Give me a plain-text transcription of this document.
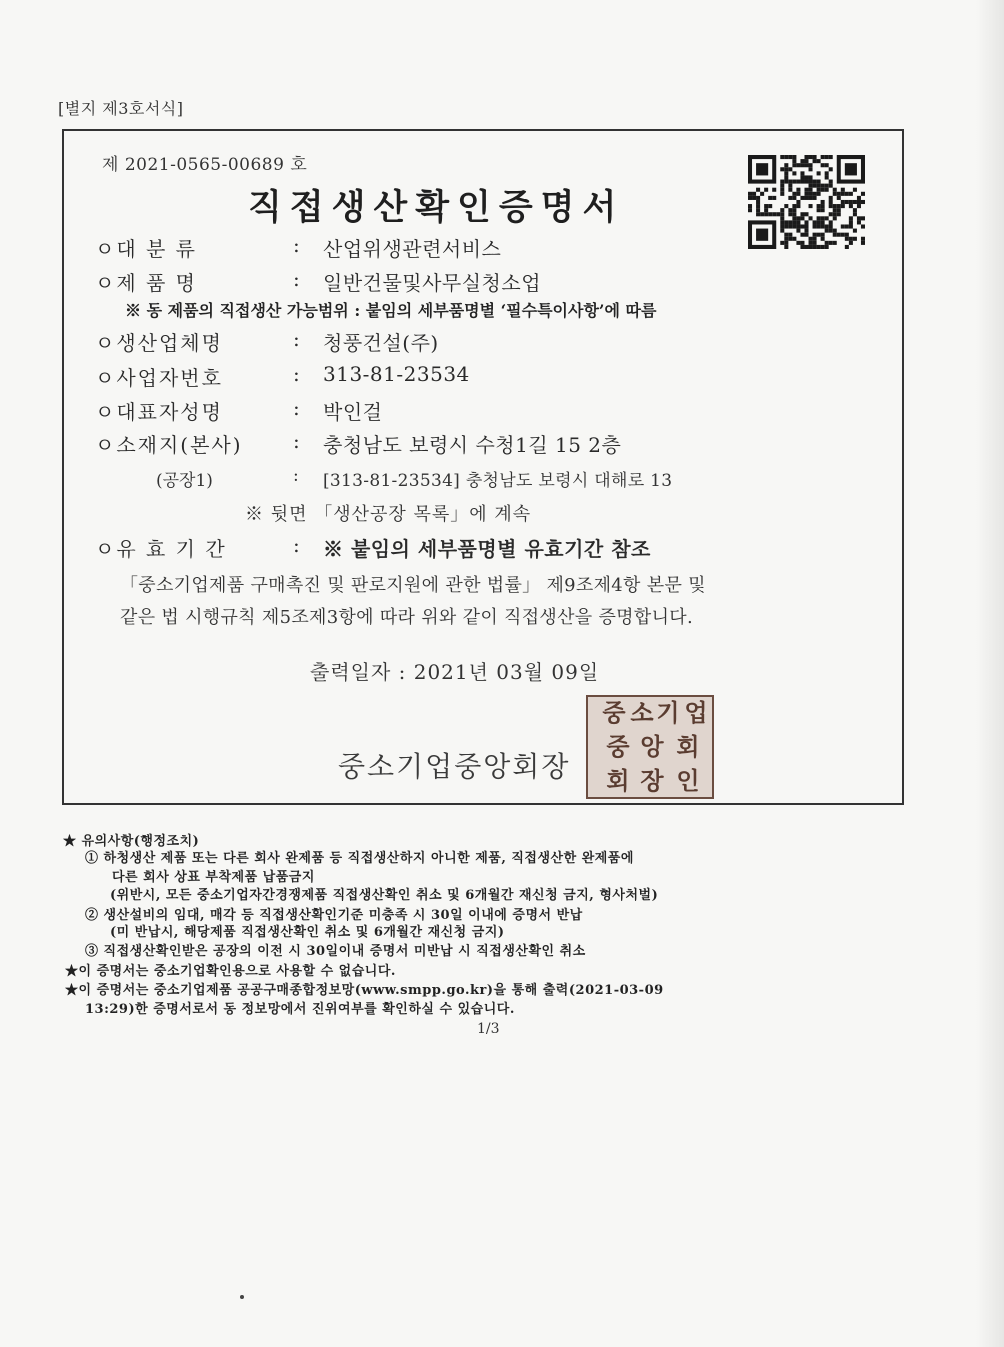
[별지 제3호서식]
제 2021-0565-00689 호
직접생산확인증명서
ㅇ대 분 류	: 산업위생관련서비스
ㅇ제 품 명	: 일반건물및사무실청소업
※ 동 제품의 직접생산 가능범위 : 붙임의 세부품명별 ‘필수특이사항’에 따름
ㅇ생산업체명	: 청풍건설(주)
ㅇ사업자번호	: 313-81-23534
ㅇ대표자성명	: 박인걸
ㅇ소재지(본사)	: 충청남도 보령시 수청1길 15 2층
(공장1)	: [313-81-23534] 충청남도 보령시 대해로 13
※ 뒷면 「생산공장 목록」에 계속
ㅇ유 효 기 간	: ※ 붙임의 세부품명별 유효기간 참조
「중소기업제품 구매촉진 및 판로지원에 관한 법률」 제9조제4항 본문 및
같은 법 시행규칙 제5조제3항에 따라 위와 같이 직접생산을 증명합니다.
출력일자 : 2021년 03월 09일
중소기업중앙회장
중 소 기 업
중 앙 회
회 장 인
★ 유의사항(행정조치)
① 하청생산 제품 또는 다른 회사 완제품 등 직접생산하지 아니한 제품, 직접생산한 완제품에
다른 회사 상표 부착제품 납품금지
(위반시, 모든 중소기업자간경쟁제품 직접생산확인 취소 및 6개월간 재신청 금지, 형사처벌)
② 생산설비의 임대, 매각 등 직접생산확인기준 미충족 시 30일 이내에 증명서 반납
(미 반납시, 해당제품 직접생산확인 취소 및 6개월간 재신청 금지)
③ 직접생산확인받은 공장의 이전 시 30일이내 증명서 미반납 시 직접생산확인 취소
★이 증명서는 중소기업확인용으로 사용할 수 없습니다.
★이 증명서는 중소기업제품 공공구매종합정보망(www.smpp.go.kr)을 통해 출력(2021-03-09
13:29)한 증명서로서 동 정보망에서 진위여부를 확인하실 수 있습니다.
1/3
